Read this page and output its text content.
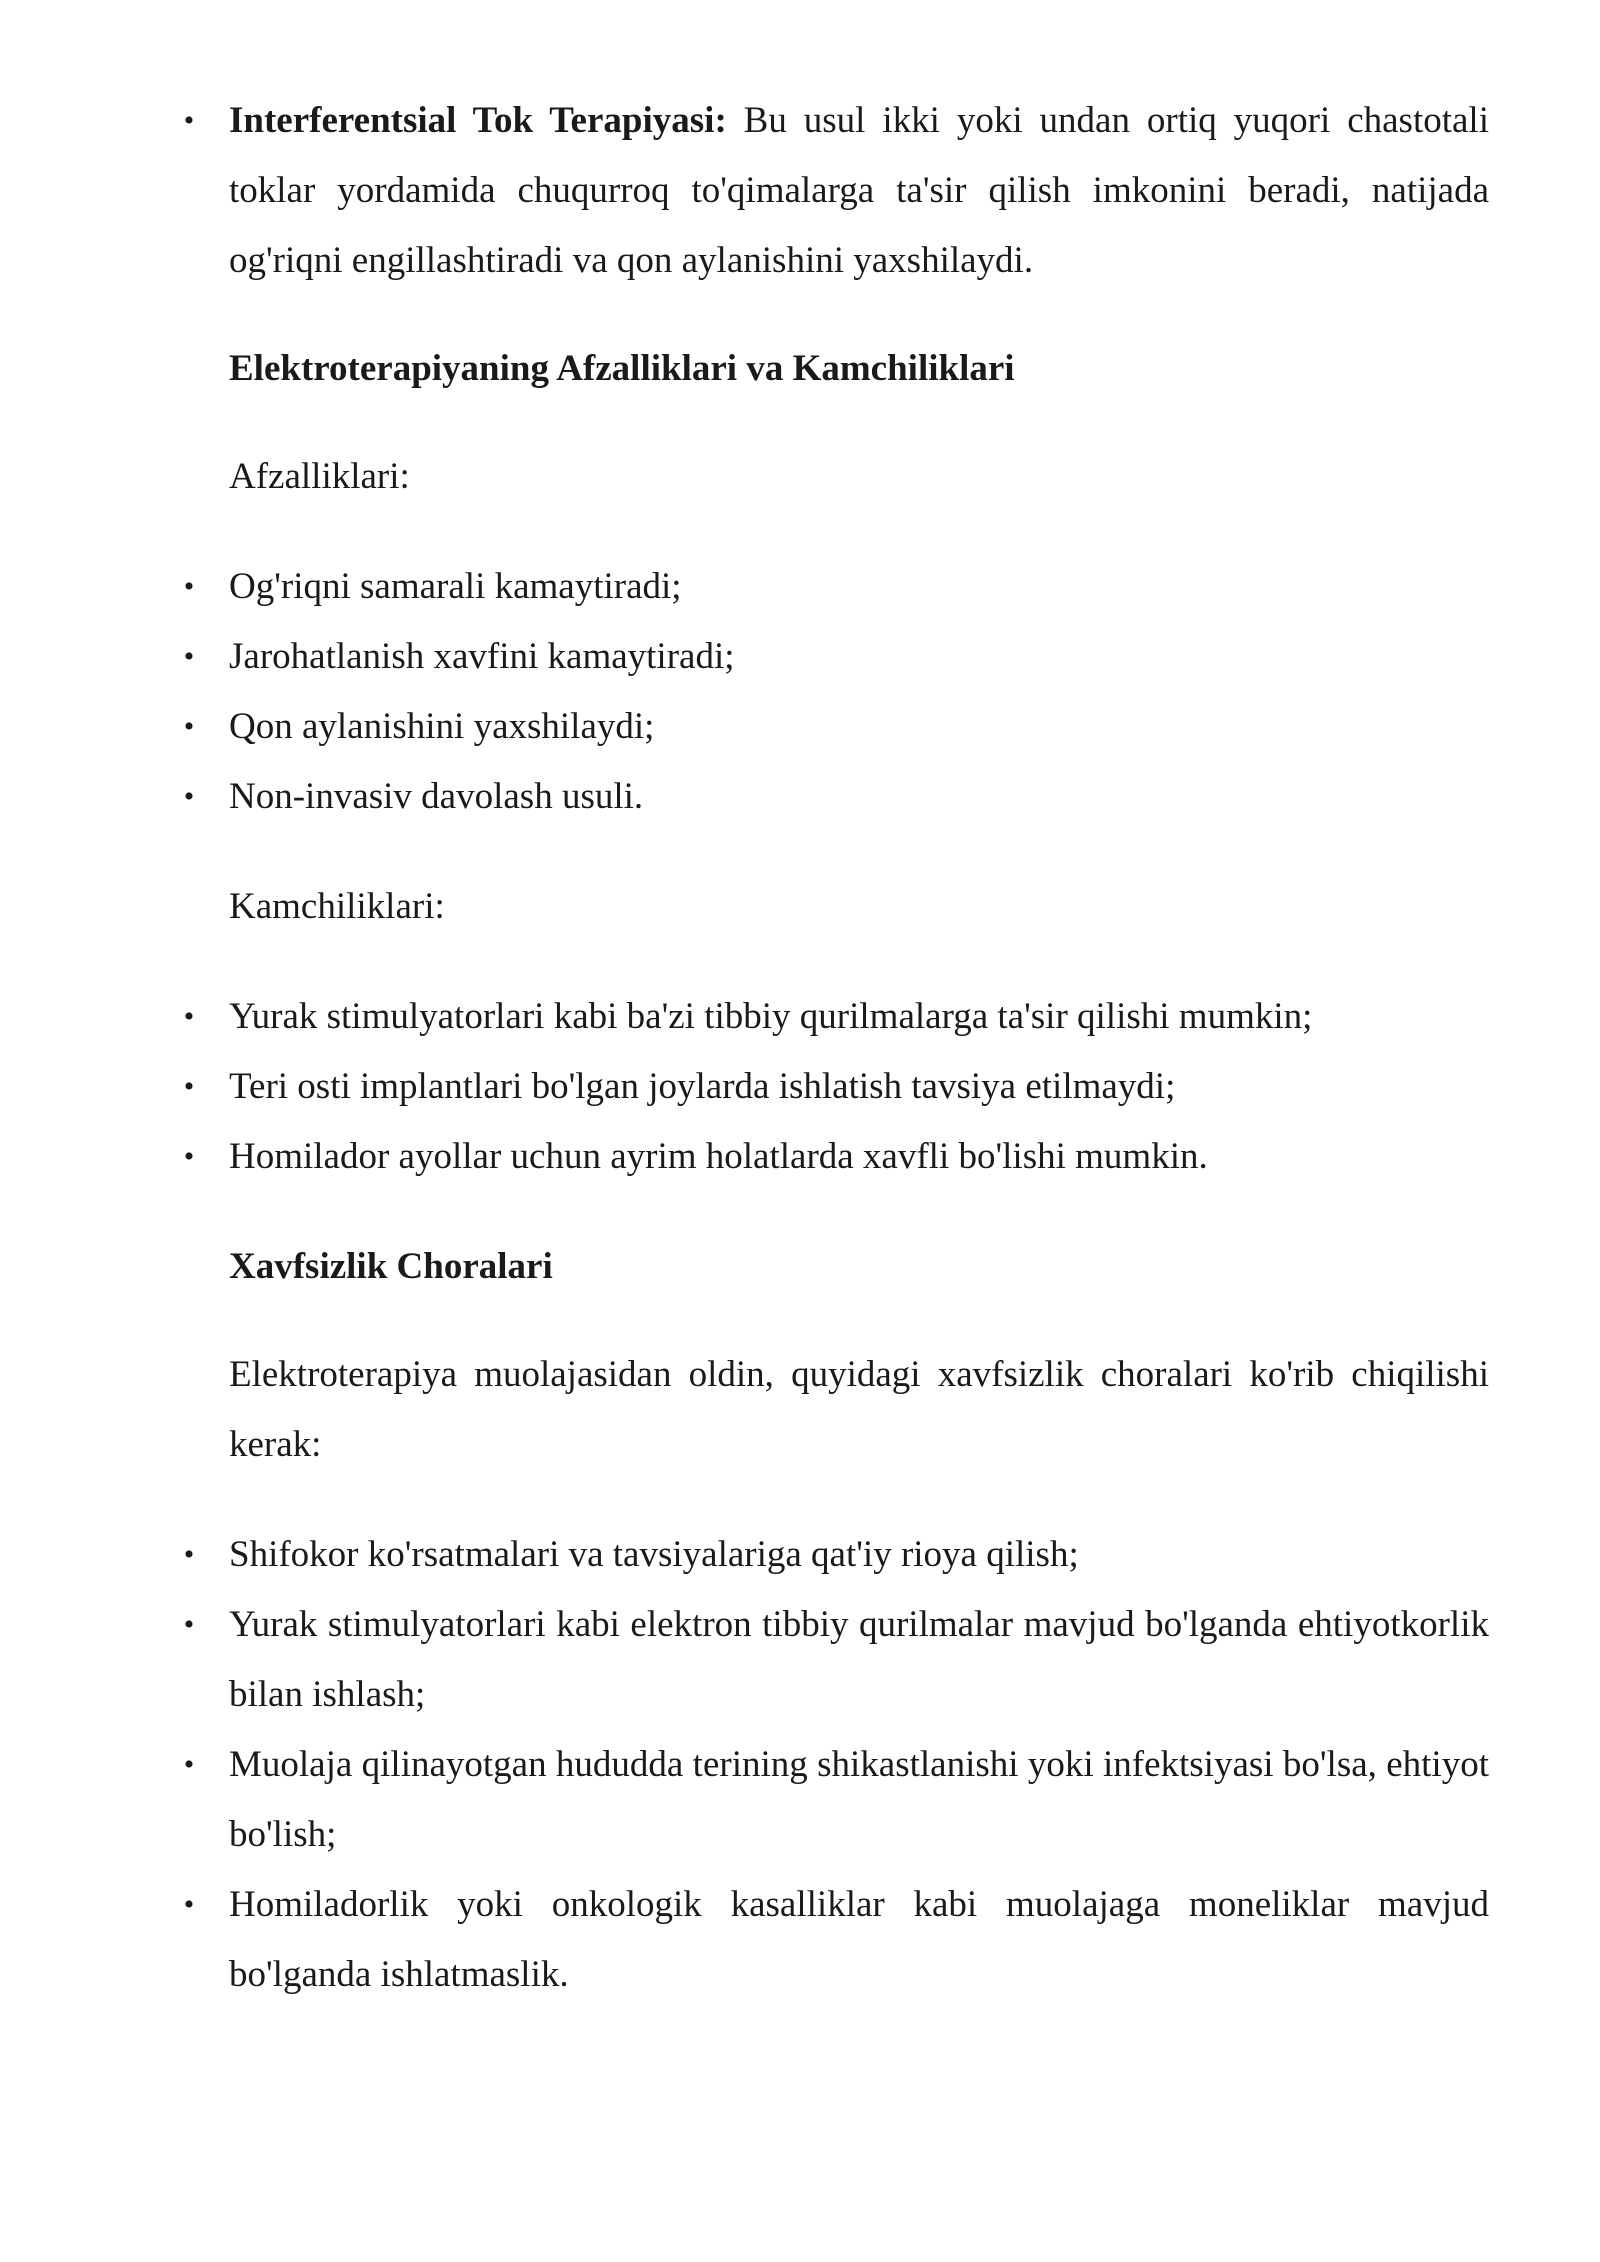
• Interferentsial Tok Terapiyasi: Bu usul ikki yoki undan ortiq yuqori chastotali toklar yordamida chuqurroq to'qimalarga ta'sir qilish imkonini beradi, natijada og'riqni engillashtiradi va qon aylanishini yaxshilaydi.

Elektroterapiyaning Afzalliklari va Kamchiliklari

Afzalliklari:

• Og'riqni samarali kamaytiradi;

• Jarohatlanish xavfini kamaytiradi;

• Qon aylanishini yaxshilaydi;

• Non-invasiv davolash usuli.

Kamchiliklari:

• Yurak stimulyatorlari kabi ba'zi tibbiy qurilmalarga ta'sir qilishi mumkin;

• Teri osti implantlari bo'lgan joylarda ishlatish tavsiya etilmaydi;

• Homilador ayollar uchun ayrim holatlarda xavfli bo'lishi mumkin.

Xavfsizlik Choralari

Elektroterapiya muolajasidan oldin, quyidagi xavfsizlik choralari ko'rib chiqilishi kerak:

• Shifokor ko'rsatmalari va tavsiyalariga qat'iy rioya qilish;

• Yurak stimulyatorlari kabi elektron tibbiy qurilmalar mavjud bo'lganda ehtiyotkorlik bilan ishlash;

• Muolaja qilinayotgan hududda terining shikastlanishi yoki infektsiyasi bo'lsa, ehtiyot bo'lish;

• Homiladorlik yoki onkologik kasalliklar kabi muolajaga moneliklar mavjud bo'lganda ishlatmaslik.
